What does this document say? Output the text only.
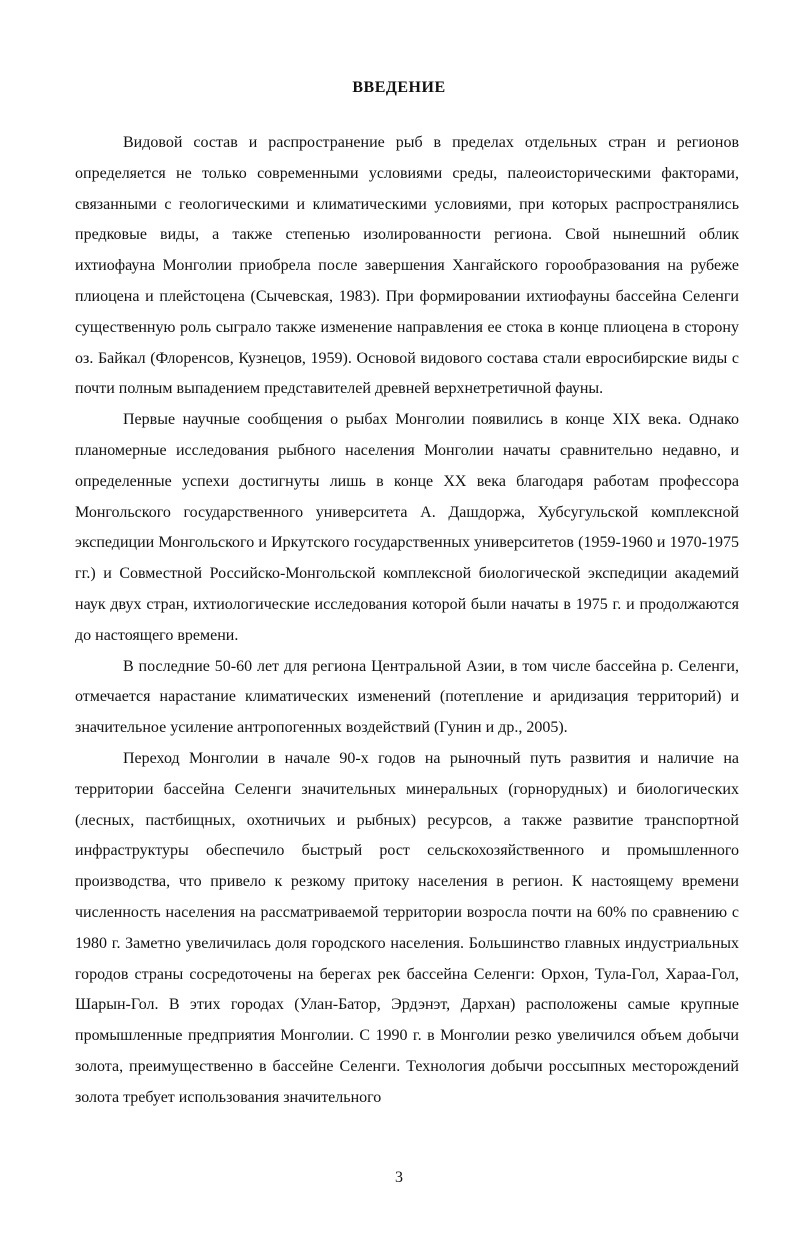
ВВЕДЕНИЕ

Видовой состав и распространение рыб в пределах отдельных стран и регионов определяется не только современными условиями среды, палеоисторическими факторами, связанными с геологическими и климатическими условиями, при которых распространялись предковые виды, а также степенью изолированности региона. Свой нынешний облик ихтиофауна Монголии приобрела после завершения Хангайского горообразования на рубеже плиоцена и плейстоцена (Сычевская, 1983). При формировании ихтиофауны бассейна Селенги существенную роль сыграло также изменение направления ее стока в конце плиоцена в сторону оз. Байкал (Флоренсов, Кузнецов, 1959). Основой видового состава стали евросибирские виды с почти полным выпадением представителей древней верхнетретичной фауны.

Первые научные сообщения о рыбах Монголии появились в конце XIX века. Однако планомерные исследования рыбного населения Монголии начаты сравнительно недавно, и определенные успехи достигнуты лишь в конце XX века благодаря работам профессора Монгольского государственного университета А. Дашдоржа, Хубсугульской комплексной экспедиции Монгольского и Иркутского государственных университетов (1959-1960 и 1970-1975 гг.) и Совместной Российско-Монгольской комплексной биологической экспедиции академий наук двух стран, ихтиологические исследования которой были начаты в 1975 г. и продолжаются до настоящего времени.

В последние 50-60 лет для региона Центральной Азии, в том числе бассейна р. Селенги, отмечается нарастание климатических изменений (потепление и аридизация территорий) и значительное усиление антропогенных воздействий (Гунин и др., 2005).

Переход Монголии в начале 90-х годов на рыночный путь развития и наличие на территории бассейна Селенги значительных минеральных (горнорудных) и биологических (лесных, пастбищных, охотничьих и рыбных) ресурсов, а также развитие транспортной инфраструктуры обеспечило быстрый рост сельскохозяйственного и промышленного производства, что привело к резкому притоку населения в регион. К настоящему времени численность населения на рассматриваемой территории возросла почти на 60% по сравнению с 1980 г. Заметно увеличилась доля городского населения. Большинство главных индустриальных городов страны сосредоточены на берегах рек бассейна Селенги: Орхон, Тула-Гол, Хараа-Гол, Шарын-Гол. В этих городах (Улан-Батор, Эрдэнэт, Дархан) расположены самые крупные промышленные предприятия Монголии. С 1990 г. в Монголии резко увеличился объем добычи золота, преимущественно в бассейне Селенги. Технология добычи россыпных месторождений золота требует использования значительного

3
